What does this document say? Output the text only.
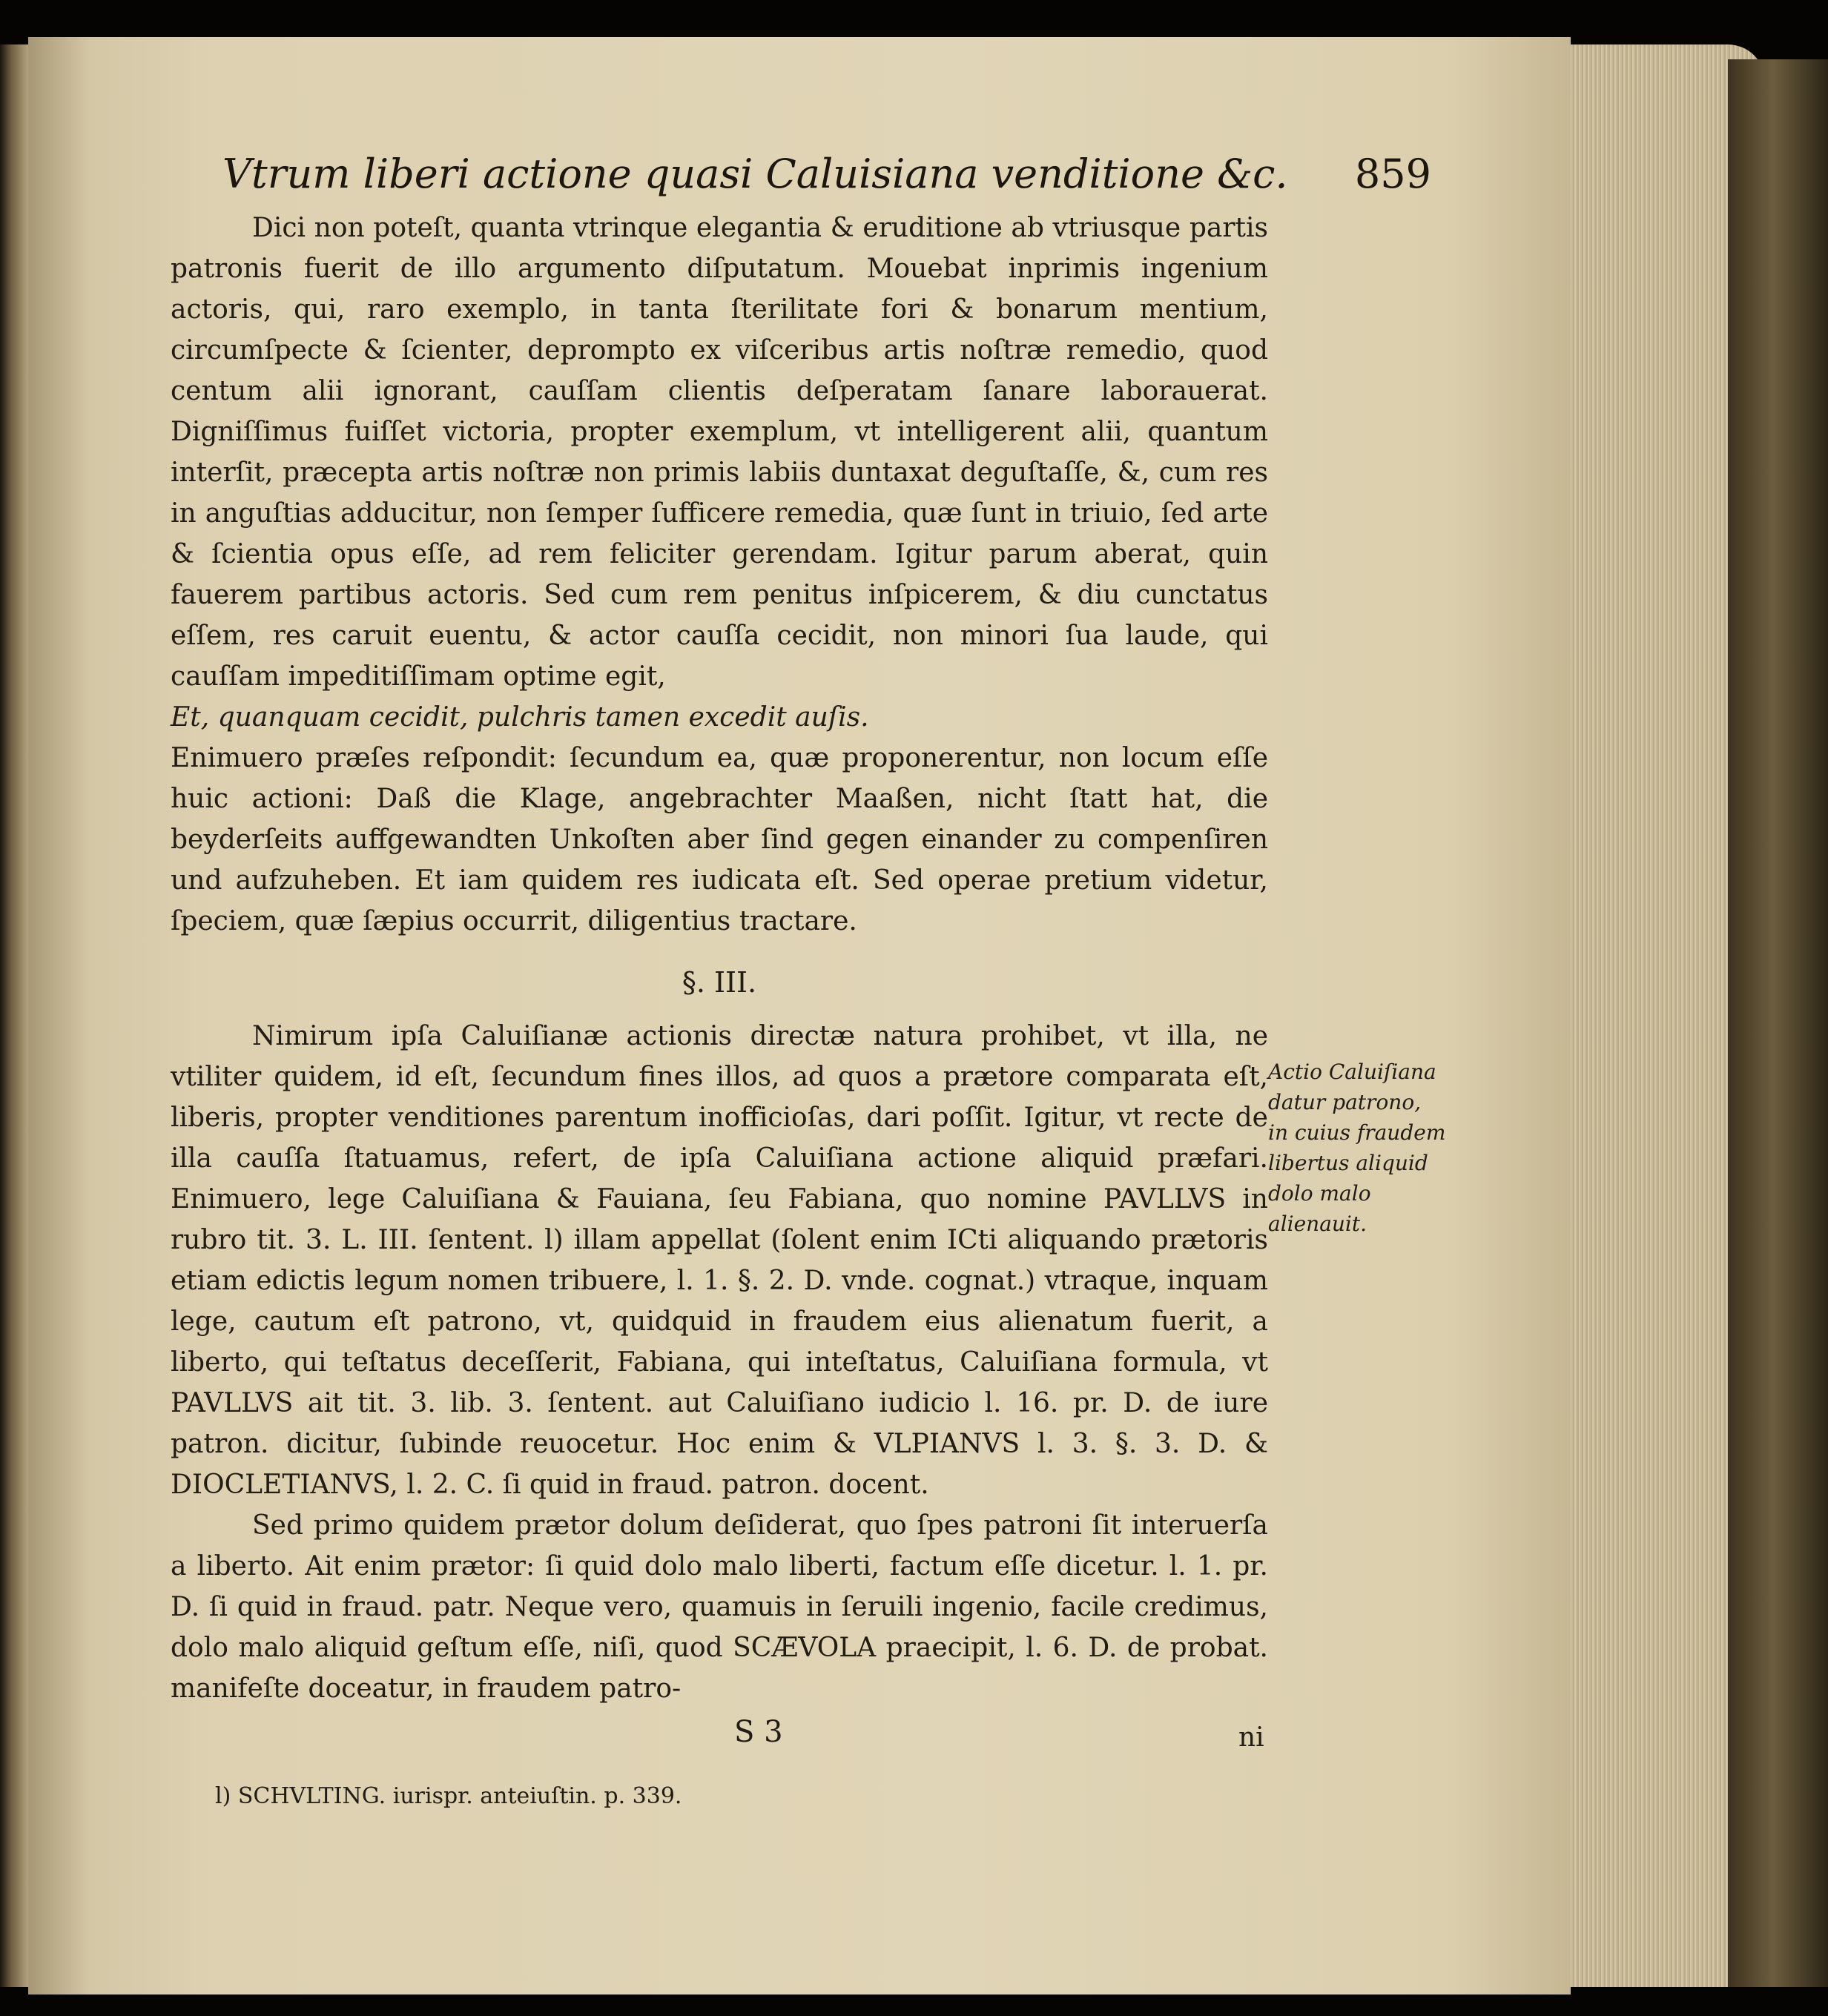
Vtrum liberi actione quasi Caluisiana venditione &c. 859

Dici non poteſt, quanta vtrinque elegantia & eruditione ab vtriusque partis patronis fuerit de illo argumento diſputatum. Mouebat inprimis ingenium actoris, qui, raro exemplo, in tanta ſterilitate fori & bonarum mentium, circumſpecte & ſcienter, deprompto ex viſceribus artis noſtræ remedio, quod centum alii ignorant, cauſſam clientis deſperatam ſanare laborauerat. Digniſſimus fuiſſet victoria, propter exemplum, vt intelligerent alii, quantum interſit, præcepta artis noſtræ non primis labiis duntaxat deguſtaſſe, &, cum res in anguſtias adducitur, non ſemper ſufficere remedia, quæ ſunt in triuio, ſed arte & ſcientia opus eſſe, ad rem feliciter gerendam. Igitur parum aberat, quin fauerem partibus actoris. Sed cum rem penitus inſpicerem, & diu cunctatus eſſem, res caruit euentu, & actor cauſſa cecidit, non minori ſua laude, qui cauſſam impeditiſſimam optime egit,

Et, quanquam cecidit, pulchris tamen excedit auſis.

Enimuero præſes reſpondit: ſecundum ea, quæ proponerentur, non locum eſſe huic actioni: Daß die Klage, angebrachter Maaßen, nicht ſtatt hat, die beyderſeits auffgewandten Unkoſten aber ſind gegen einander zu compenſiren und aufzuheben. Et iam quidem res iudicata eſt. Sed operae pretium videtur, ſpeciem, quæ ſæpius occurrit, diligentius tractare.

§. III.

Nimirum ipſa Caluiſianæ actionis directæ natura prohibet, vt illa, ne vtiliter quidem, id eſt, ſecundum fines illos, ad quos a prætore comparata eſt, liberis, propter venditiones parentum inofficioſas, dari poſſit. Igitur, vt recte de illa cauſſa ſtatuamus, refert, de ipſa Caluiſiana actione aliquid præfari. Enimuero, lege Caluiſiana & Fauiana, ſeu Fabiana, quo nomine PAVLLVS in rubro tit. 3. L. III. ſentent. l) illam appellat (ſolent enim ICti aliquando prætoris etiam edictis legum nomen tribuere, l. 1. §. 2. D. vnde. cognat.) vtraque, inquam lege, cautum eſt patrono, vt, quidquid in fraudem eius alienatum fuerit, a liberto, qui teſtatus deceſſerit, Fabiana, qui inteſtatus, Caluiſiana formula, vt PAVLLVS ait tit. 3. lib. 3. ſentent. aut Caluiſiano iudicio l. 16. pr. D. de iure patron. dicitur, ſubinde reuocetur. Hoc enim & VLPIANVS l. 3. §. 3. D. & DIOCLETIANVS, l. 2. C. ſi quid in fraud. patron. docent.

Sed primo quidem prætor dolum deſiderat, quo ſpes patroni ſit interuerſa a liberto. Ait enim prætor: ſi quid dolo malo liberti, factum eſſe dicetur. l. 1. pr. D. ſi quid in fraud. patr. Neque vero, quamuis in ſeruili ingenio, facile credimus, dolo malo aliquid geſtum eſſe, niſi, quod SCÆVOLA praecipit, l. 6. D. de probat. manifeſte doceatur, in fraudem patro-

Actio Caluiſiana datur patrono, in cuius fraudem libertus aliquid dolo malo alienauit.
S 3	ni
l) SCHVLTING. iurispr. anteiuſtin. p. 339.
